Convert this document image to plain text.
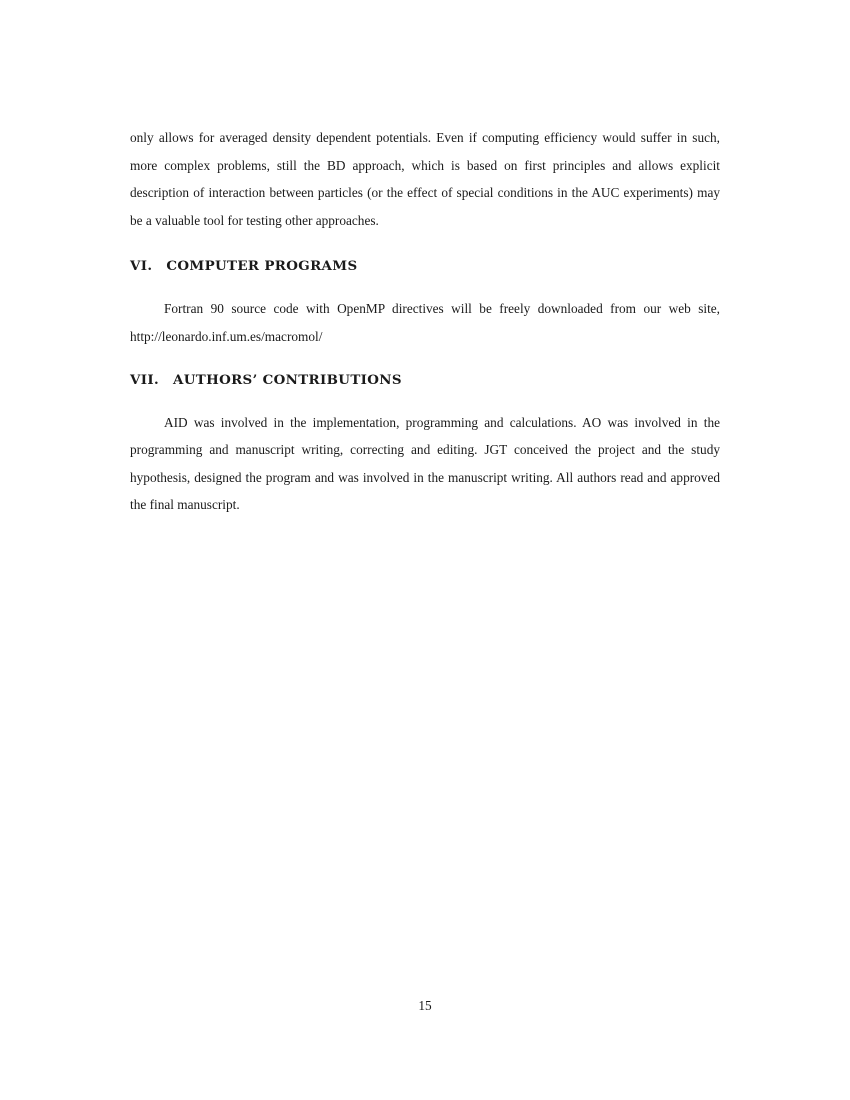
only allows for averaged density dependent potentials. Even if computing efficiency would suffer in such, more complex problems, still the BD approach, which is based on first principles and allows explicit description of interaction between particles (or the effect of special conditions in the AUC experiments) may be a valuable tool for testing other approaches.

VI. COMPUTER PROGRAMS

Fortran 90 source code with OpenMP directives will be freely downloaded from our web site, http://leonardo.inf.um.es/macromol/

VII. AUTHORS’ CONTRIBUTIONS

AID was involved in the implementation, programming and calculations. AO was involved in the programming and manuscript writing, correcting and editing. JGT conceived the project and the study hypothesis, designed the program and was involved in the manuscript writing. All authors read and approved the final manuscript.

15
